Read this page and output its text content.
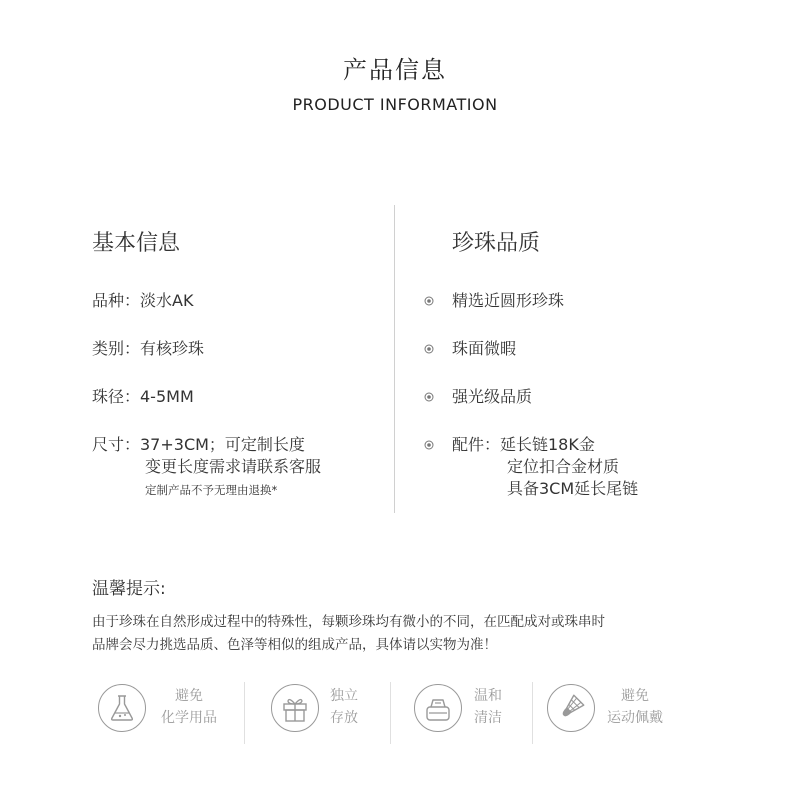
产品信息
PRODUCT INFORMATION
基本信息
品种：淡水AK
类别：有核珍珠
珠径：4-5MM
尺寸：37+3CM；可定制长度
变更长度需求请联系客服
定制产品不予无理由退换*
珍珠品质
精选近圆形珍珠
珠面微暇
强光级品质
配件：延长链18K金
定位扣合金材质
具备3CM延长尾链
温馨提示:
由于珍珠在自然形成过程中的特殊性，每颗珍珠均有微小的不同，在匹配成对或珠串时
品牌会尽力挑选品质、色泽等相似的组成产品，具体请以实物为准！
避免
化学用品
独立
存放
温和
清洁
避免
运动佩戴
